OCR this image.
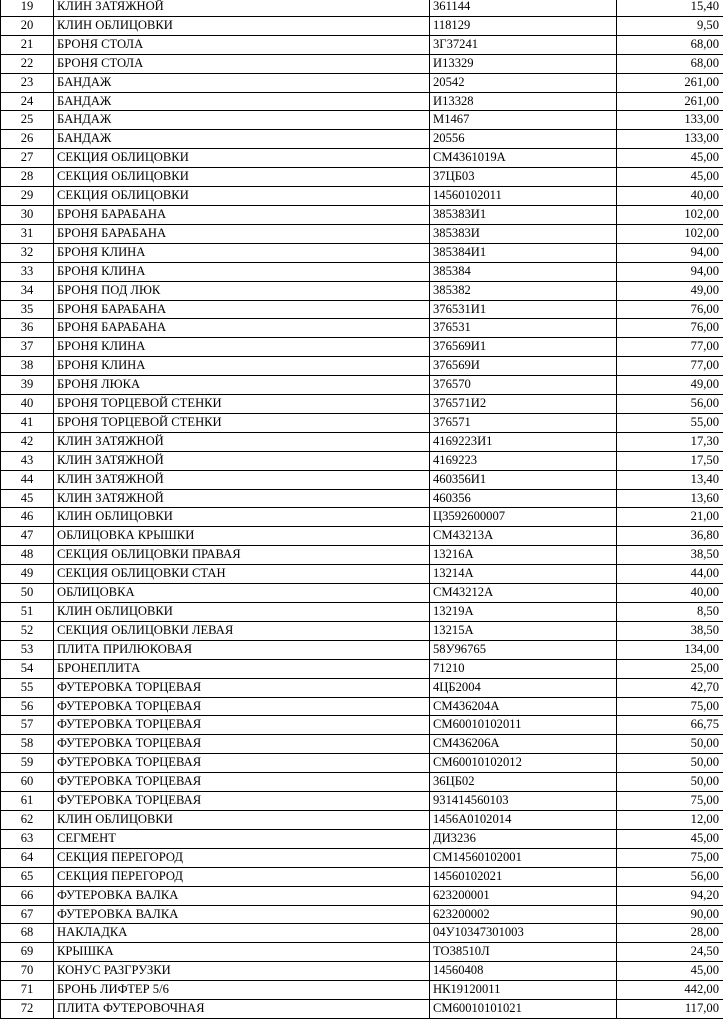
19	КЛИН ЗАТЯЖНОЙ	361144	15,40
20	КЛИН ОБЛИЦОВКИ	118129	9,50
21	БРОНЯ СТОЛА	3Г37241	68,00
22	БРОНЯ СТОЛА	И13329	68,00
23	БАНДАЖ	20542	261,00
24	БАНДАЖ	И13328	261,00
25	БАНДАЖ	М1467	133,00
26	БАНДАЖ	20556	133,00
27	СЕКЦИЯ ОБЛИЦОВКИ	СМ4361019А	45,00
28	СЕКЦИЯ ОБЛИЦОВКИ	37ЦБ03	45,00
29	СЕКЦИЯ ОБЛИЦОВКИ	14560102011	40,00
30	БРОНЯ БАРАБАНА	385383И1	102,00
31	БРОНЯ БАРАБАНА	385383И	102,00
32	БРОНЯ КЛИНА	385384И1	94,00
33	БРОНЯ КЛИНА	385384	94,00
34	БРОНЯ ПОД ЛЮК	385382	49,00
35	БРОНЯ БАРАБАНА	376531И1	76,00
36	БРОНЯ БАРАБАНА	376531	76,00
37	БРОНЯ КЛИНА	376569И1	77,00
38	БРОНЯ КЛИНА	376569И	77,00
39	БРОНЯ ЛЮКА	376570	49,00
40	БРОНЯ ТОРЦЕВОЙ СТЕНКИ	376571И2	56,00
41	БРОНЯ ТОРЦЕВОЙ СТЕНКИ	376571	55,00
42	КЛИН ЗАТЯЖНОЙ	4169223И1	17,30
43	КЛИН ЗАТЯЖНОЙ	4169223	17,50
44	КЛИН ЗАТЯЖНОЙ	460356И1	13,40
45	КЛИН ЗАТЯЖНОЙ	460356	13,60
46	КЛИН ОБЛИЦОВКИ	Ц3592600007	21,00
47	ОБЛИЦОВКА КРЫШКИ	СМ43213А	36,80
48	СЕКЦИЯ ОБЛИЦОВКИ ПРАВАЯ	13216А	38,50
49	СЕКЦИЯ ОБЛИЦОВКИ СТАН	13214А	44,00
50	ОБЛИЦОВКА	СМ43212А	40,00
51	КЛИН ОБЛИЦОВКИ	13219А	8,50
52	СЕКЦИЯ ОБЛИЦОВКИ ЛЕВАЯ	13215А	38,50
53	ПЛИТА ПРИЛЮКОВАЯ	58У96765	134,00
54	БРОНЕПЛИТА	71210	25,00
55	ФУТЕРОВКА ТОРЦЕВАЯ	4ЦБ2004	42,70
56	ФУТЕРОВКА ТОРЦЕВАЯ	СМ436204А	75,00
57	ФУТЕРОВКА ТОРЦЕВАЯ	СМ60010102011	66,75
58	ФУТЕРОВКА ТОРЦЕВАЯ	СМ436206А	50,00
59	ФУТЕРОВКА ТОРЦЕВАЯ	СМ60010102012	50,00
60	ФУТЕРОВКА ТОРЦЕВАЯ	36ЦБ02	50,00
61	ФУТЕРОВКА ТОРЦЕВАЯ	931414560103	75,00
62	КЛИН ОБЛИЦОВКИ	1456А0102014	12,00
63	СЕГМЕНТ	ДИ3236	45,00
64	СЕКЦИЯ ПЕРЕГОРОД	СМ14560102001	75,00
65	СЕКЦИЯ ПЕРЕГОРОД	14560102021	56,00
66	ФУТЕРОВКА ВАЛКА	623200001	94,20
67	ФУТЕРОВКА ВАЛКА	623200002	90,00
68	НАКЛАДКА	04У10347301003	28,00
69	КРЫШКА	ТО38510Л	24,50
70	КОНУС РАЗГРУЗКИ	14560408	45,00
71	БРОНЬ ЛИФТЕР 5/6	НК19120011	442,00
72	ПЛИТА ФУТЕРОВОЧНАЯ	СМ60010101021	117,00
